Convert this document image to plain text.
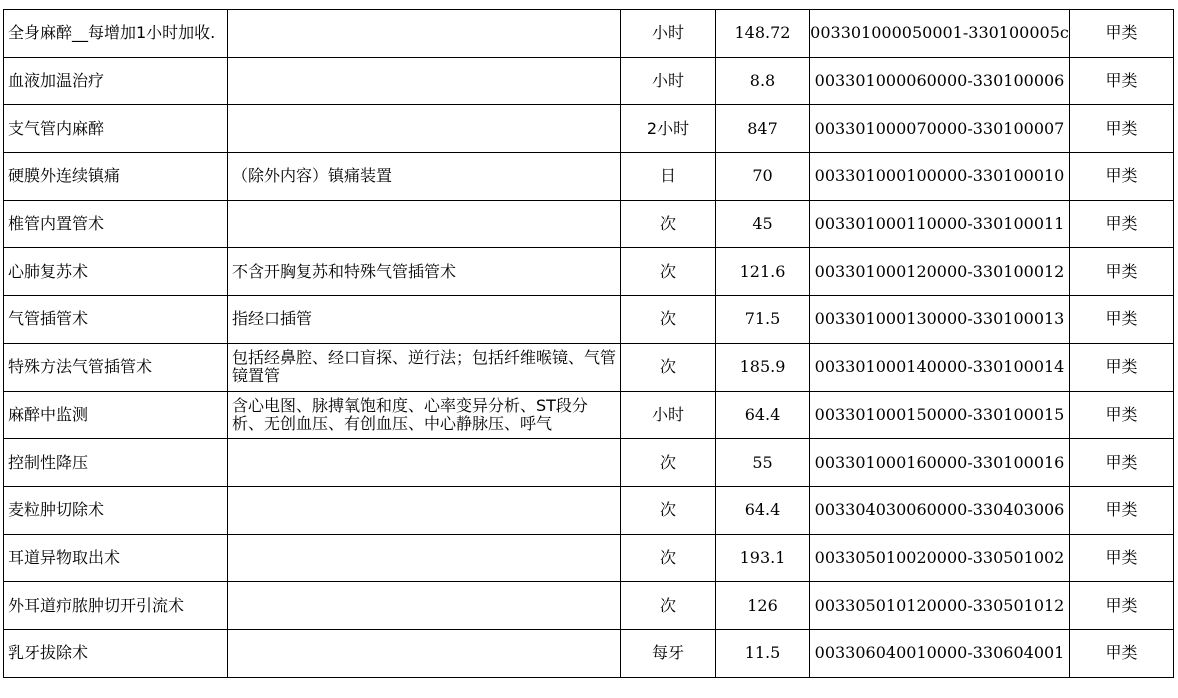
全身麻醉__每增加1小时加收.		小时	148.72	003301000050001-330100005c	甲类

血液加温治疗		小时	8.8	003301000060000-330100006	甲类

支气管内麻醉		2小时	847	003301000070000-330100007	甲类

硬膜外连续镇痛	（除外内容）镇痛装置	日	70	003301000100000-330100010	甲类

椎管内置管术		次	45	003301000110000-330100011	甲类

心肺复苏术	不含开胸复苏和特殊气管插管术	次	121.6	003301000120000-330100012	甲类

气管插管术	指经口插管	次	71.5	003301000130000-330100013	甲类

特殊方法气管插管术	包括经鼻腔、经口盲探、逆行法；包括纤维喉镜、气管镜置管	次	185.9	003301000140000-330100014	甲类

麻醉中监测	含心电图、脉搏氧饱和度、心率变异分析、ST段分析、无创血压、有创血压、中心静脉压、呼气	小时	64.4	003301000150000-330100015	甲类

控制性降压		次	55	003301000160000-330100016	甲类

麦粒肿切除术		次	64.4	003304030060000-330403006	甲类

耳道异物取出术		次	193.1	003305010020000-330501002	甲类

外耳道疖脓肿切开引流术		次	126	003305010120000-330501012	甲类

乳牙拔除术		每牙	11.5	003306040010000-330604001	甲类
